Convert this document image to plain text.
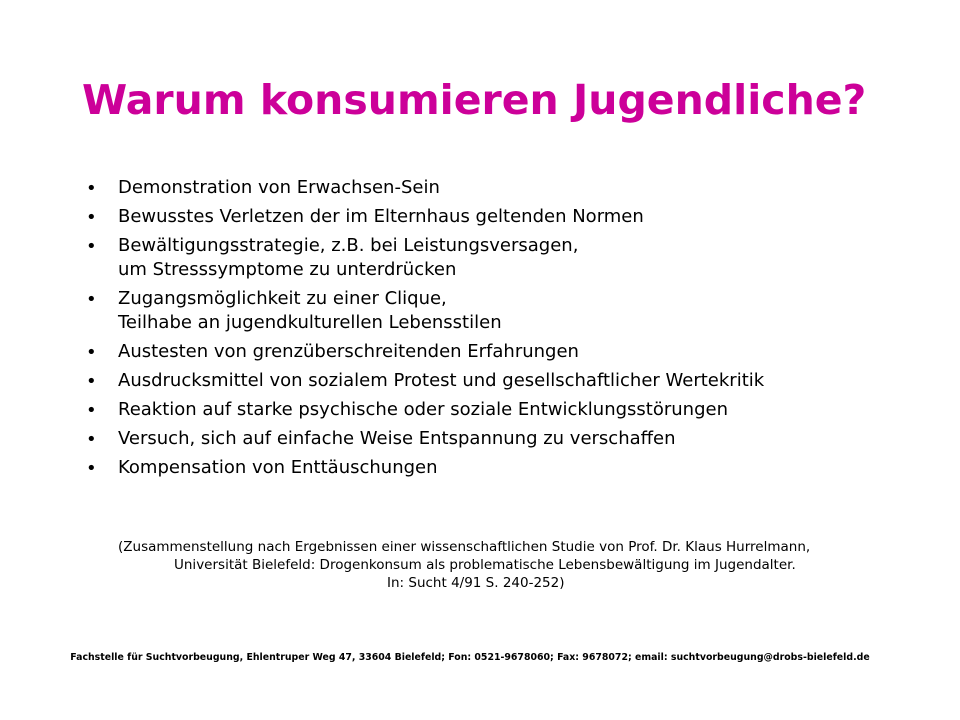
Warum konsumieren Jugendliche?
• Demonstration von Erwachsen-Sein
• Bewusstes Verletzen der im Elternhaus geltenden Normen
• Bewältigungsstrategie, z.B. bei Leistungsversagen,
um Stresssymptome zu unterdrücken
• Zugangsmöglichkeit zu einer Clique,
Teilhabe an jugendkulturellen Lebensstilen
• Austesten von grenzüberschreitenden Erfahrungen
• Ausdrucksmittel von sozialem Protest und gesellschaftlicher Wertekritik
• Reaktion auf starke psychische oder soziale Entwicklungsstörungen
• Versuch, sich auf einfache Weise Entspannung zu verschaffen
• Kompensation von Enttäuschungen
(Zusammenstellung nach Ergebnissen einer wissenschaftlichen Studie von Prof. Dr. Klaus Hurrelmann,
Universität Bielefeld: Drogenkonsum als problematische Lebensbewältigung im Jugendalter.
In: Sucht 4/91 S. 240-252)
Fachstelle für Suchtvorbeugung, Ehlentruper Weg 47, 33604 Bielefeld; Fon: 0521-9678060; Fax: 9678072; email: suchtvorbeugung@drobs-bielefeld.de
